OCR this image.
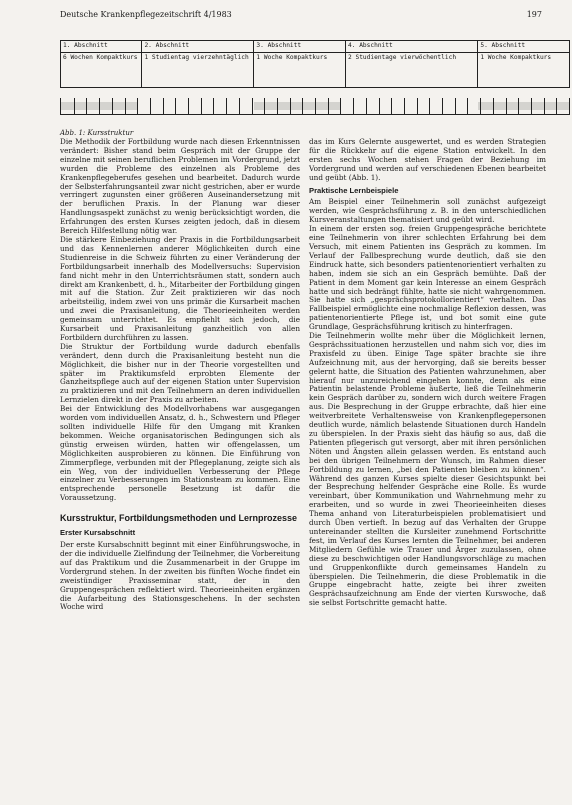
Deutsche Krankenpflegezeitschrift 4/1983	197
1. Abschnitt	2. Abschnitt	3. Abschnitt	4. Abschnitt	5. Abschnitt
6 Wochen Kompaktkurs	1 Studientag vierzehntäglich	1 Woche Kompaktkurs	2 Studientage vierwöchentlich	1 Woche Kompaktkurs
Abb. 1: Kursstruktur

Die Methodik der Fortbildung wurde nach diesen Erkenntnissen verändert: Bisher stand beim Gespräch mit der Gruppe der einzelne mit seinen beruflichen Problemen im Vordergrund, jetzt wurden die Probleme des einzelnen als Probleme des Krankenpflegeberufes gesehen und bearbeitet. Dadurch wurde der Selbsterfahrungsanteil zwar nicht gestrichen, aber er wurde verringert zugunsten einer größeren Auseinandersetzung mit der beruflichen Praxis. In der Planung war dieser Handlungsaspekt zunächst zu wenig berücksichtigt worden, die Erfahrungen des ersten Kurses zeigten jedoch, daß in diesem Bereich Hilfestellung nötig war.

Die stärkere Einbeziehung der Praxis in die Fortbildungsarbeit und das Kennenlernen anderer Möglichkeiten durch eine Studienreise in die Schweiz führten zu einer Veränderung der Fortbildungsarbeit innerhalb des Modellversuchs: Supervision fand nicht mehr in den Unterrichtsräumen statt, sondern auch direkt am Krankenbett, d. h., Mitarbeiter der Fortbildung gingen mit auf die Station. Zur Zeit praktizieren wir das noch arbeitsteilig, indem zwei von uns primär die Kursarbeit machen und zwei die Praxisanleitung, die Theorieeinheiten werden gemeinsam unterrichtet. Es empfiehlt sich jedoch, die Kursarbeit und Praxisanleitung ganzheitlich von allen Fortbildern durchführen zu lassen.

Die Struktur der Fortbildung wurde dadurch ebenfalls verändert, denn durch die Praxisanleitung besteht nun die Möglichkeit, die bisher nur in der Theorie vorgestellten und später im Praktikumsfeld erprobten Elemente der Ganzheitspflege auch auf der eigenen Station unter Supervision zu praktizieren und mit den Teilnehmern an deren individuellen Lernzielen direkt in der Praxis zu arbeiten.

Bei der Entwicklung des Modellvorhabens war ausgegangen worden vom individuellen Ansatz, d. h., Schwestern und Pfleger sollten individuelle Hilfe für den Umgang mit Kranken bekommen. Weiche organisatorischen Bedingungen sich als günstig erweisen würden, hatten wir offengelassen, um Möglichkeiten ausprobieren zu können. Die Einführung von Zimmerpflege, verbunden mit der Pflegeplanung, zeigte sich als ein Weg, von der individuellen Verbesserung der Pflege einzelner zu Verbesserungen im Stationsteam zu kommen. Eine entsprechende personelle Besetzung ist dafür die Voraussetzung.

Kursstruktur, Fortbildungsmethoden und Lernprozesse
Erster Kursabschnitt

Der erste Kursabschnitt beginnt mit einer Einführungswoche, in der die individuelle Zielfindung der Teilnehmer, die Vorbereitung auf das Praktikum und die Zusammenarbeit in der Gruppe im Vordergrund stehen. In der zweiten bis fünften Woche findet ein zweistündiger Praxisseminar statt, der in den Gruppengesprächen reflektiert wird. Theorieeinheiten ergänzen die Aufarbeitung des Stationsgeschehens. In der sechsten Woche wird

das im Kurs Gelernte ausgewertet, und es werden Strategien für die Rückkehr auf die eigene Station entwickelt. In den ersten sechs Wochen stehen Fragen der Beziehung im Vordergrund und werden auf verschiedenen Ebenen bearbeitet und geübt (Abb. 1).

Praktische Lernbeispiele

Am Beispiel einer Teilnehmerin soll zunächst aufgezeigt werden, wie Gesprächsführung z. B. in den unterschiedlichen Kursveranstaltungen thematisiert und geübt wird.

In einem der ersten sog. freien Gruppengespräche berichtete eine Teilnehmerin von ihrer schlechten Erfahrung bei dem Versuch, mit einem Patienten ins Gespräch zu kommen. Im Verlauf der Fallbesprechung wurde deutlich, daß sie den Eindruck hatte, sich besonders patientenorientiert verhalten zu haben, indem sie sich an ein Gespräch bemühte. Daß der Patient in dem Moment gar kein Interesse an einem Gespräch hatte und sich bedrängt fühlte, hatte sie nicht wahrgenommen. Sie hatte sich „gesprächsprotokollorientiert“ verhalten. Das Fallbeispiel ermöglichte eine nochmalige Reflexion dessen, was patientenorientierte Pflege ist, und bot somit eine gute Grundlage, Gesprächsführung kritisch zu hinterfragen.

Die Teilnehmerin wollte mehr über die Möglichkeit lernen, Gesprächssituationen herzustellen und nahm sich vor, dies im Praxisfeld zu üben. Einige Tage später brachte sie ihre Aufzeichnung mit, aus der hervorging, daß sie bereits besser gelernt hatte, die Situation des Patienten wahrzunehmen, aber hierauf nur unzureichend eingehen konnte, denn als eine Patientin belastende Probleme äußerte, ließ die Teilnehmerin kein Gespräch darüber zu, sondern wich durch weitere Fragen aus. Die Besprechung in der Gruppe erbrachte, daß hier eine weitverbreitete Verhaltensweise von Krankenpflegepersonen deutlich wurde, nämlich belastende Situationen durch Handeln zu überspielen. In der Praxis sieht das häufig so aus, daß die Patienten pflegerisch gut versorgt, aber mit ihren persönlichen Nöten und Ängsten allein gelassen werden. Es entstand auch bei den übrigen Teilnehmern der Wunsch, im Rahmen dieser Fortbildung zu lernen, „bei den Patienten bleiben zu können“. Während des ganzen Kurses spielte dieser Gesichtspunkt bei der Besprechung helfender Gespräche eine Rolle. Es wurde vereinbart, über Kommunikation und Wahrnehmung mehr zu erarbeiten, und so wurde in zwei Theorieeinheiten dieses Thema anhand von Literaturbeispielen problematisiert und durch Üben vertieft. In bezug auf das Verhalten der Gruppe untereinander stellten die Kursleiter zunehmend Fortschritte fest, im Verlauf des Kurses lernten die Teilnehmer, bei anderen Mitgliedern Gefühle wie Trauer und Ärger zuzulassen, ohne diese zu beschwichtigen oder Handlungsvorschläge zu machen und Gruppenkonflikte durch gemeinsames Handeln zu überspielen. Die Teilnehmerin, die diese Problematik in die Gruppe eingebracht hatte, zeigte bei ihrer zweiten Gesprächsaufzeichnung am Ende der vierten Kurswoche, daß sie selbst Fortschritte gemacht hatte.
